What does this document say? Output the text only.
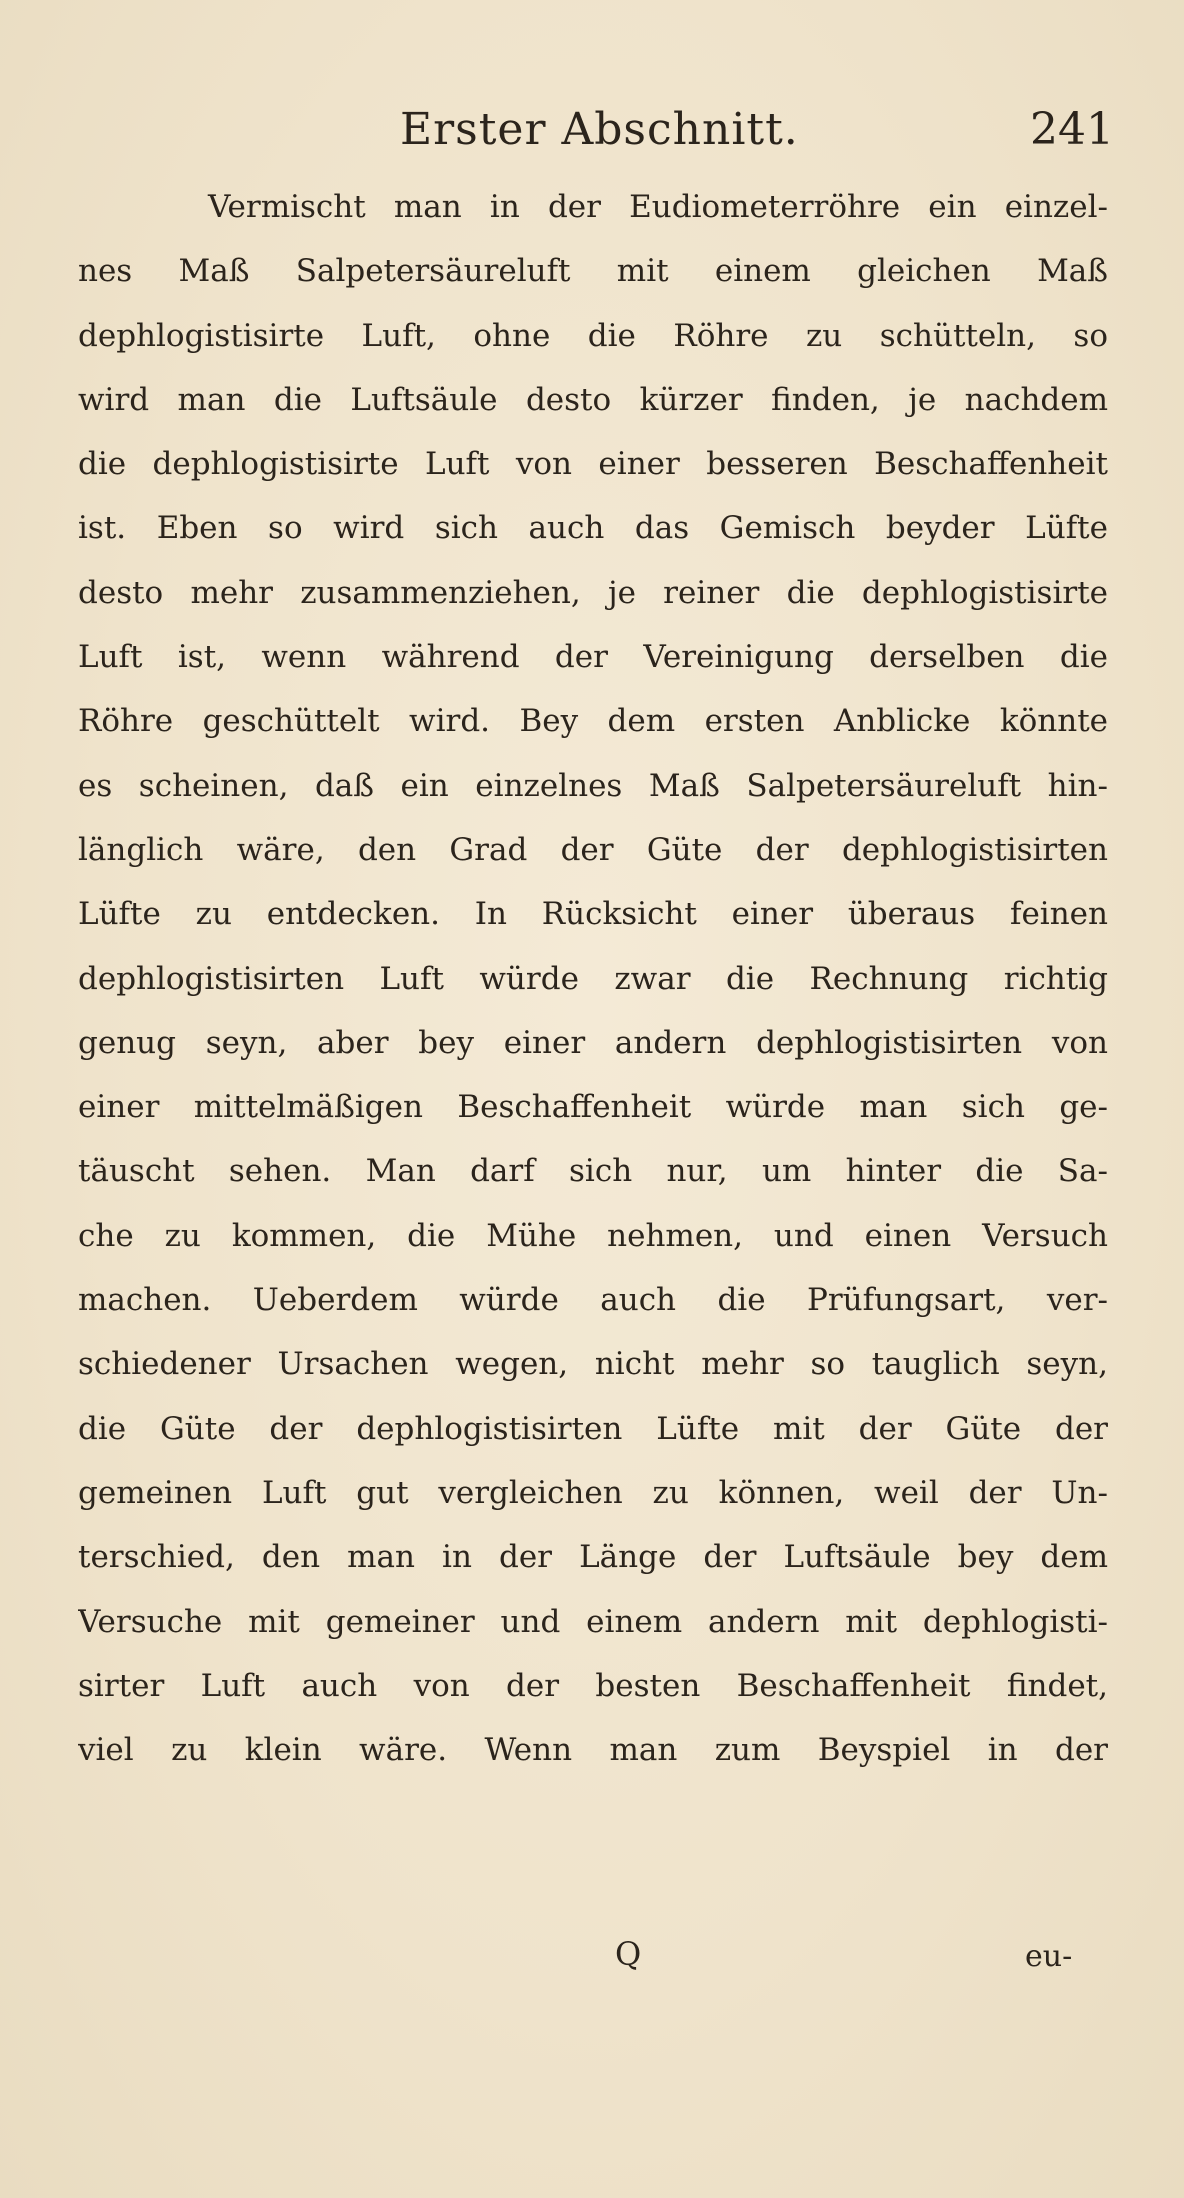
Erster Abschnitt.	241
Vermischt man in der Eudiometerröhre ein einzel-
nes Maß Salpetersäureluft mit einem gleichen Maß
dephlogistisirte Luft, ohne die Röhre zu schütteln, so
wird man die Luftsäule desto kürzer finden, je nachdem
die dephlogistisirte Luft von einer besseren Beschaffenheit
ist. Eben so wird sich auch das Gemisch beyder Lüfte
desto mehr zusammenziehen, je reiner die dephlogistisirte
Luft ist, wenn während der Vereinigung derselben die
Röhre geschüttelt wird. Bey dem ersten Anblicke könnte
es scheinen, daß ein einzelnes Maß Salpetersäureluft hin-
länglich wäre, den Grad der Güte der dephlogistisirten
Lüfte zu entdecken. In Rücksicht einer überaus feinen
dephlogistisirten Luft würde zwar die Rechnung richtig
genug seyn, aber bey einer andern dephlogistisirten von
einer mittelmäßigen Beschaffenheit würde man sich ge-
täuscht sehen. Man darf sich nur, um hinter die Sa-
che zu kommen, die Mühe nehmen, und einen Versuch
machen. Ueberdem würde auch die Prüfungsart, ver-
schiedener Ursachen wegen, nicht mehr so tauglich seyn,
die Güte der dephlogistisirten Lüfte mit der Güte der
gemeinen Luft gut vergleichen zu können, weil der Un-
terschied, den man in der Länge der Luftsäule bey dem
Versuche mit gemeiner und einem andern mit dephlogisti-
sirter Luft auch von der besten Beschaffenheit findet,
viel zu klein wäre. Wenn man zum Beyspiel in der
Q	eu-
